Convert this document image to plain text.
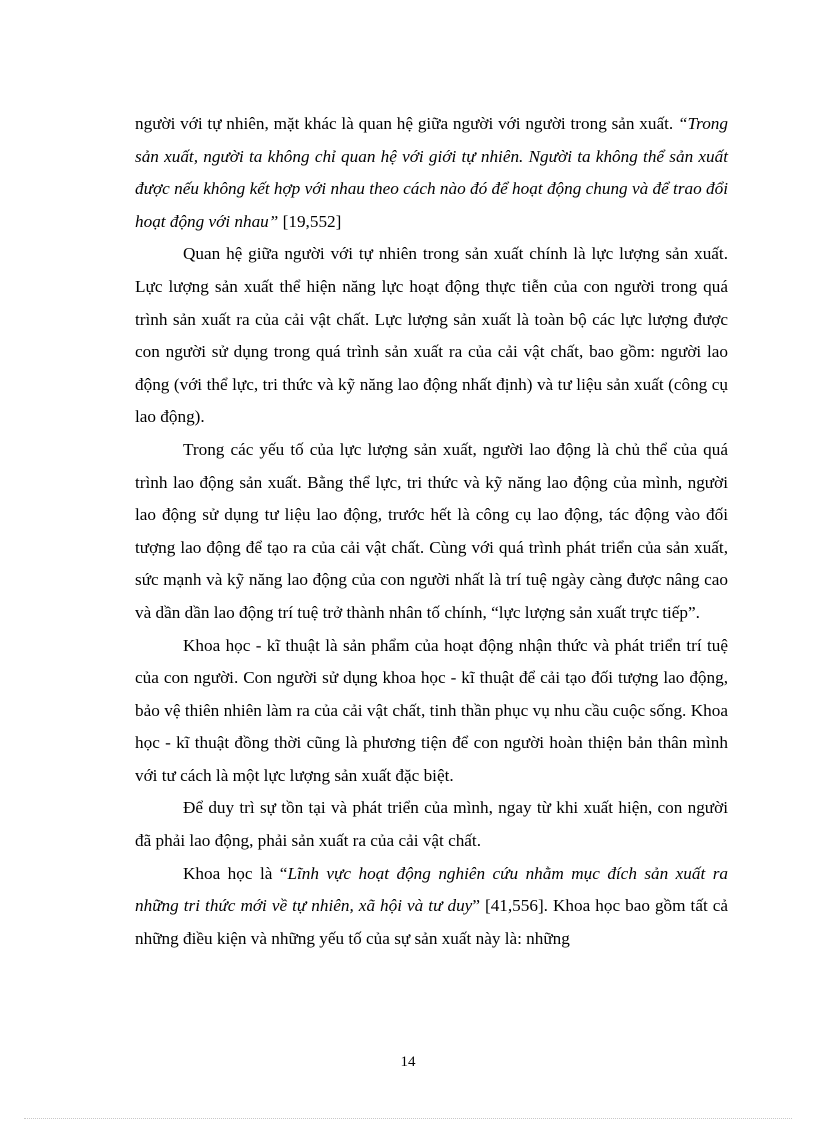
người với tự nhiên, mặt khác là quan hệ giữa người với người trong sản xuất. “Trong sản xuất, người ta không chỉ quan hệ với giới tự nhiên. Người ta không thể sản xuất được nếu không kết hợp với nhau theo cách nào đó để hoạt động chung và để trao đổi hoạt động với nhau” [19,552]

Quan hệ giữa người với tự nhiên trong sản xuất chính là lực lượng sản xuất. Lực lượng sản xuất thể hiện năng lực hoạt động thực tiễn của con người trong quá trình sản xuất ra của cải vật chất. Lực lượng sản xuất là toàn bộ các lực lượng được con người sử dụng trong quá trình sản xuất ra của cải vật chất, bao gồm: người lao động (với thể lực, tri thức và kỹ năng lao động nhất định) và tư liệu sản xuất (công cụ lao động).

Trong các yếu tố của lực lượng sản xuất, người lao động là chủ thể của quá trình lao động sản xuất. Bằng thể lực, tri thức và kỹ năng lao động của mình, người lao động sử dụng tư liệu lao động, trước hết là công cụ lao động, tác động vào đối tượng lao động để tạo ra của cải vật chất. Cùng với quá trình phát triển của sản xuất, sức mạnh và kỹ năng lao động của con người nhất là trí tuệ ngày càng được nâng cao và dần dần lao động trí tuệ trở thành nhân tố chính, “lực lượng sản xuất trực tiếp”.

Khoa học - kĩ thuật là sản phẩm của hoạt động nhận thức và phát triển trí tuệ của con người. Con người sử dụng khoa học - kĩ thuật để cải tạo đối tượng lao động, bảo vệ thiên nhiên làm ra của cải vật chất, tinh thần phục vụ nhu cầu cuộc sống. Khoa học - kĩ thuật đồng thời cũng là phương tiện để con người hoàn thiện bản thân mình với tư cách là một lực lượng sản xuất đặc biệt.

Để duy trì sự tồn tại và phát triển của mình, ngay từ khi xuất hiện, con người đã phải lao động, phải sản xuất ra của cải vật chất.

Khoa học là “Lĩnh vực hoạt động nghiên cứu nhằm mục đích sản xuất ra những tri thức mới về tự nhiên, xã hội và tư duy” [41,556]. Khoa học bao gồm tất cả những điều kiện và những yếu tố của sự sản xuất này là: những

14
